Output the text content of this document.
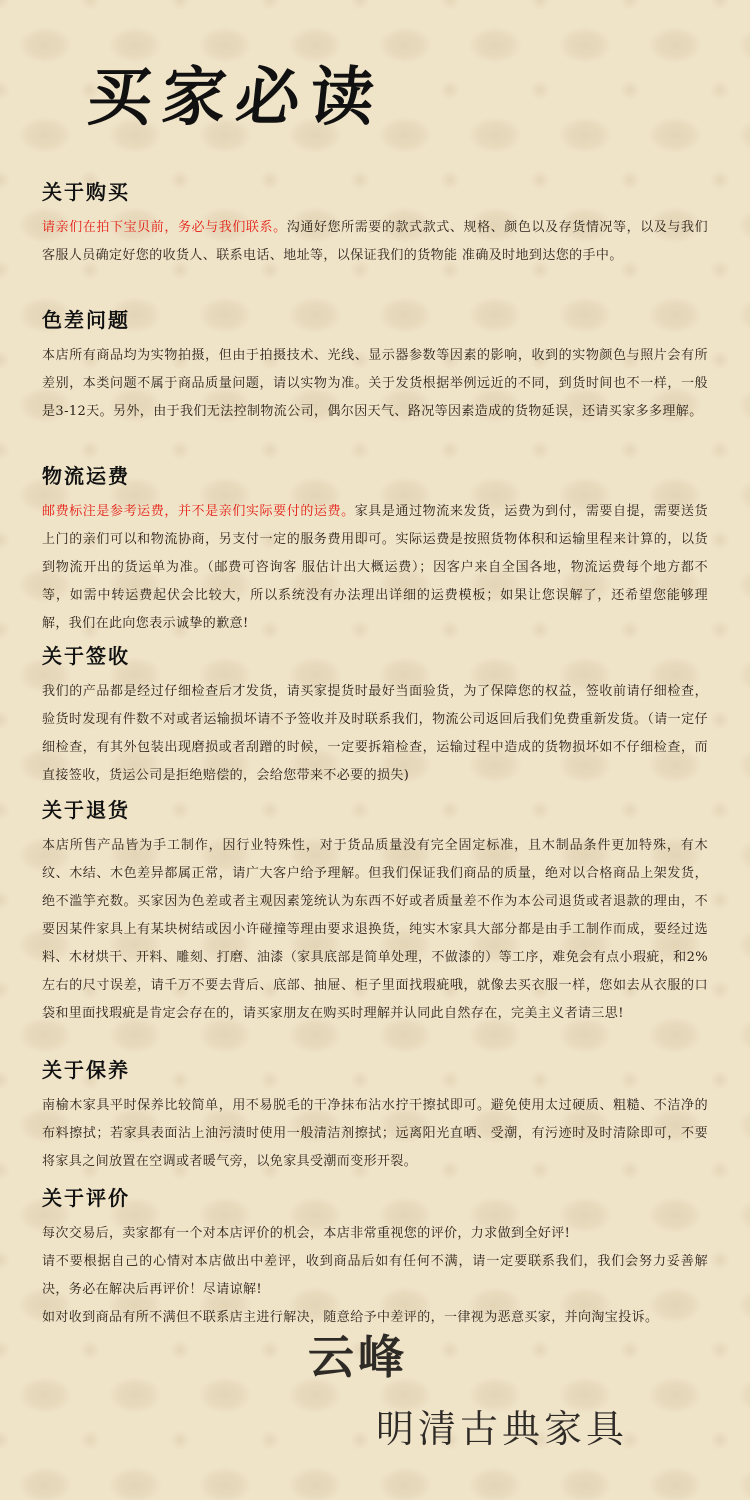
买家必读
关于购买

请亲们在拍下宝贝前，务必与我们联系。沟通好您所需要的款式款式、规格、颜色以及存货情况等，以及与我们客服人员确定好您的收货人、联系电话、地址等，以保证我们的货物能 准确及时地到达您的手中。

色差问题

本店所有商品均为实物拍摄，但由于拍摄技术、光线、显示器参数等因素的影响，收到的实物颜色与照片会有所差别，本类问题不属于商品质量问题，请以实物为准。关于发货根据举例远近的不同，到货时间也不一样，一般是3-12天。另外，由于我们无法控制物流公司，偶尔因天气、路况等因素造成的货物延误，还请买家多多理解。

物流运费

邮费标注是参考运费，并不是亲们实际要付的运费。家具是通过物流来发货，运费为到付，需要自提，需要送货上门的亲们可以和物流协商，另支付一定的服务费用即可。实际运费是按照货物体积和运输里程来计算的，以货到物流开出的货运单为准。（邮费可咨询客 服估计出大概运费）；因客户来自全国各地，物流运费每个地方都不等，如需中转运费起伏会比较大，所以系统没有办法理出详细的运费模板；如果让您误解了，还希望您能够理解，我们在此向您表示诚挚的歉意!

关于签收

我们的产品都是经过仔细检查后才发货，请买家提货时最好当面验货，为了保障您的权益，签收前请仔细检查，验货时发现有件数不对或者运输损坏请不予签收并及时联系我们，物流公司返回后我们免费重新发货。（请一定仔细检查，有其外包装出现磨损或者刮蹭的时候，一定要拆箱检查，运输过程中造成的货物损坏如不仔细检查，而直接签收，货运公司是拒绝赔偿的，会给您带来不必要的损失)

关于退货

本店所售产品皆为手工制作，因行业特殊性，对于货品质量没有完全固定标准，且木制品条件更加特殊，有木纹、木结、木色差异都属正常，请广大客户给予理解。但我们保证我们商品的质量，绝对以合格商品上架发货，绝不滥竽充数。买家因为色差或者主观因素笼统认为东西不好或者质量差不作为本公司退货或者退款的理由，不要因某件家具上有某块树结或因小许碰撞等理由要求退换货，纯实木家具大部分都是由手工制作而成，要经过选料、木材烘干、开料、雕刻、打磨、油漆（家具底部是简单处理，不做漆的）等工序，难免会有点小瑕疵，和2%左右的尺寸误差，请千万不要去背后、底部、抽屉、柜子里面找瑕疵哦，就像去买衣服一样，您如去从衣服的口袋和里面找瑕疵是肯定会存在的，请买家朋友在购买时理解并认同此自然存在，完美主义者请三思!

关于保养

南榆木家具平时保养比较简单，用不易脱毛的干净抹布沾水拧干擦拭即可。避免使用太过硬质、粗糙、不洁净的布料擦拭；若家具表面沾上油污渍时使用一般清洁剂擦拭；远离阳光直晒、受潮，有污迹时及时清除即可，不要将家具之间放置在空调或者暖气旁，以免家具受潮而变形开裂。

关于评价

每次交易后，卖家都有一个对本店评价的机会，本店非常重视您的评价，力求做到全好评!
请不要根据自己的心情对本店做出中差评，收到商品后如有任何不满，请一定要联系我们，我们会努力妥善解决，务必在解决后再评价！尽请谅解!
如对收到商品有所不满但不联系店主进行解决，随意给予中差评的，一律视为恶意买家，并向淘宝投诉。

云峰
明清古典家具
